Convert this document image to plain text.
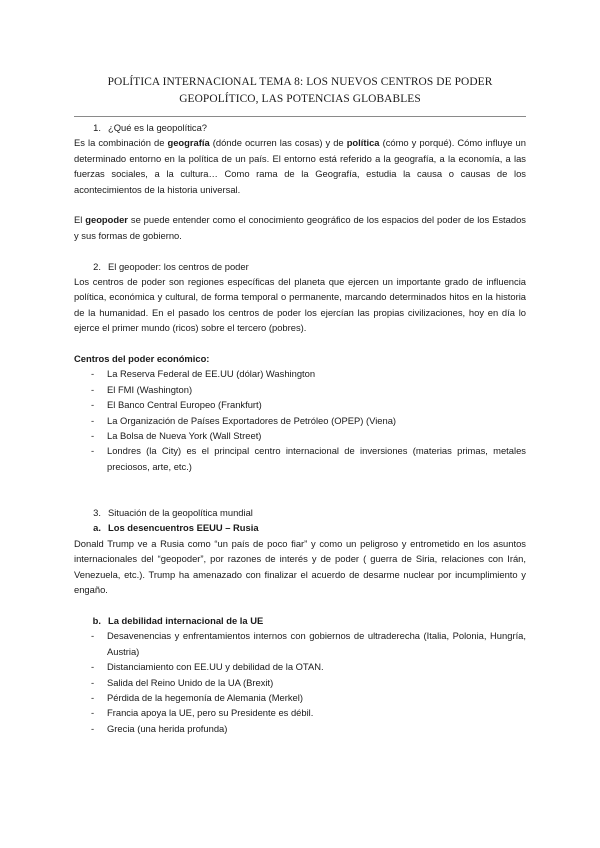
POLÍTICA INTERNACIONAL TEMA 8: LOS NUEVOS CENTROS DE PODER
GEOPOLÍTICO, LAS POTENCIAS GLOBABLES
1. ¿Qué es la geopolítica?

Es la combinación de geografía (dónde ocurren las cosas) y de política (cómo y porqué). Cómo influye un determinado entorno en la política de un país. El entorno está referido a la geografía, a la economía, a las fuerzas sociales, a la cultura… Como rama de la Geografía, estudia la causa o causas de los acontecimientos de la historia universal.

El geopoder se puede entender como el conocimiento geográfico de los espacios del poder de los Estados y sus formas de gobierno.

2. El geopoder: los centros de poder

Los centros de poder son regiones específicas del planeta que ejercen un importante grado de influencia política, económica y cultural, de forma temporal o permanente, marcando determinados hitos en la historia de la humanidad. En el pasado los centros de poder los ejercían las propias civilizaciones, hoy en día lo ejerce el primer mundo (ricos) sobre el tercero (pobres).

Centros del poder económico:
-	La Reserva Federal de EE.UU (dólar) Washington
-	El FMI (Washington)
-	El Banco Central Europeo (Frankfurt)
-	La Organización de Países Exportadores de Petróleo (OPEP) (Viena)
-	La Bolsa de Nueva York (Wall Street)
-	Londres (la City) es el principal centro internacional de inversiones (materias primas, metales preciosos, arte, etc.)
3. Situación de la geopolítica mundial
a. Los desencuentros EEUU – Rusia

Donald Trump ve a Rusia como “un país de poco fiar” y como un peligroso y entrometido en los asuntos internacionales del “geopoder”, por razones de interés y de poder ( guerra de Siria, relaciones con Irán, Venezuela, etc.). Trump ha amenazado con finalizar el acuerdo de desarme nuclear por incumplimiento y engaño.

b. La debilidad internacional de la UE
-	Desavenencias y enfrentamientos internos con gobiernos de ultraderecha (Italia, Polonia, Hungría, Austria)
-	Distanciamiento con EE.UU y debilidad de la OTAN.
-	Salida del Reino Unido de la UA (Brexit)
-	Pérdida de la hegemonía de Alemania (Merkel)
-	Francia apoya la UE, pero su Presidente es débil.
-	Grecia (una herida profunda)
